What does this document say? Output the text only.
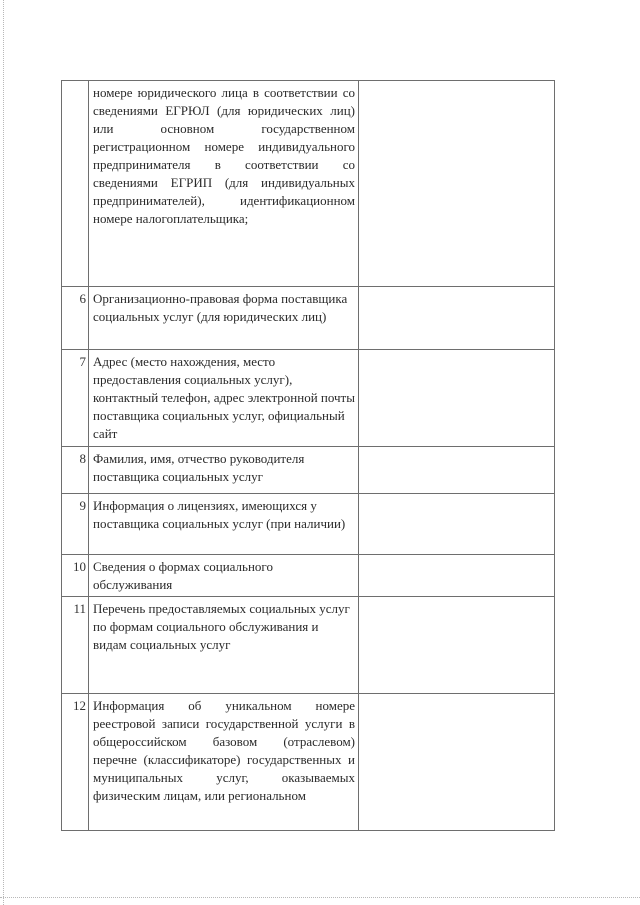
	номере юридического лица в соответствии со сведениями ЕГРЮЛ (для юридических лиц) или основном государственном регистрационном номере индивидуального предпринимателя в соответствии со сведениями ЕГРИП (для индивидуальных предпринимателей), идентификационном номере налогоплательщика;	
6	Организационно-правовая форма поставщика социальных услуг (для юридических лиц)	
7	Адрес (место нахождения, место предоставления социальных услуг), контактный телефон, адрес электронной почты поставщика социальных услуг, официальный сайт	
8	Фамилия, имя, отчество руководителя поставщика социальных услуг	
9	Информация о лицензиях, имеющихся у поставщика социальных услуг (при наличии)	
10	Сведения о формах социального обслуживания	
11	Перечень предоставляемых социальных услуг по формам социального обслуживания и видам социальных услуг	
12	Информация об уникальном номере реестровой записи государственной услуги в общероссийском базовом (отраслевом) перечне (классификаторе) государственных и муниципальных услуг, оказываемых физическим лицам, или региональном	
